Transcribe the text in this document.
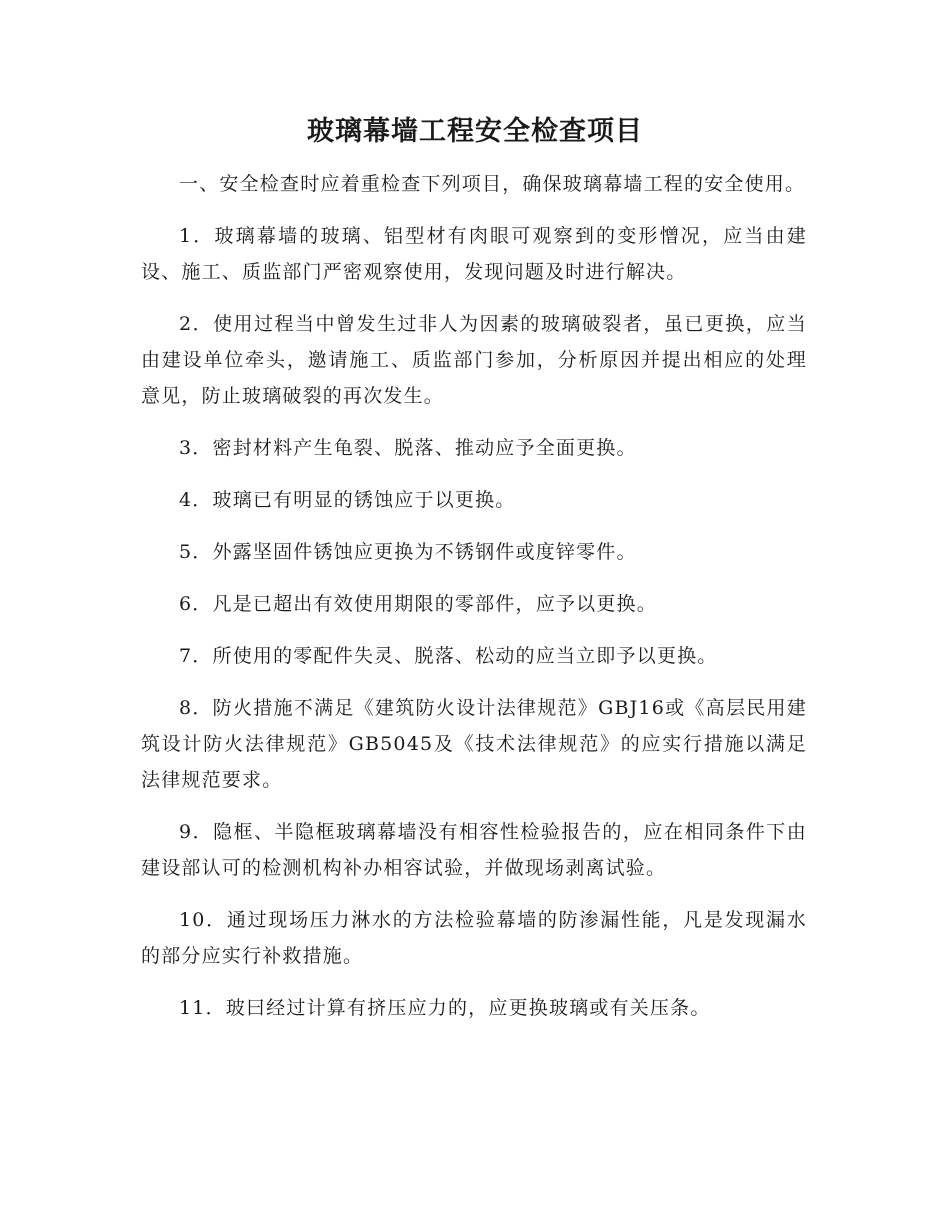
玻璃幕墙工程安全检查项目

一、安全检查时应着重检查下列项目，确保玻璃幕墙工程的安全使用。

1．玻璃幕墙的玻璃、铝型材有肉眼可观察到的变形憎况，应当由建设、施工、质监部门严密观察使用，发现问题及时进行解决。

2．使用过程当中曾发生过非人为因素的玻璃破裂者，虽已更换，应当由建设单位牵头，邀请施工、质监部门参加，分析原因并提出相应的处理意见，防止玻璃破裂的再次发生。

3．密封材料产生龟裂、脱落、推动应予全面更换。

4．玻璃已有明显的锈蚀应于以更换。

5．外露坚固件锈蚀应更换为不锈钢件或度锌零件。

6．凡是已超出有效使用期限的零部件，应予以更换。

7．所使用的零配件失灵、脱落、松动的应当立即予以更换。

8．防火措施不满足《建筑防火设计法律规范》GBJ16或《高层民用建筑设计防火法律规范》GB5045及《技术法律规范》的应实行措施以满足法律规范要求。

9．隐框、半隐框玻璃幕墙没有相容性检验报告的，应在相同条件下由建设部认可的检测机构补办相容试验，并做现场剥离试验。

10．通过现场压力淋水的方法检验幕墙的防渗漏性能，凡是发现漏水的部分应实行补救措施。

11．玻曰经过计算有挤压应力的，应更换玻璃或有关压条。
